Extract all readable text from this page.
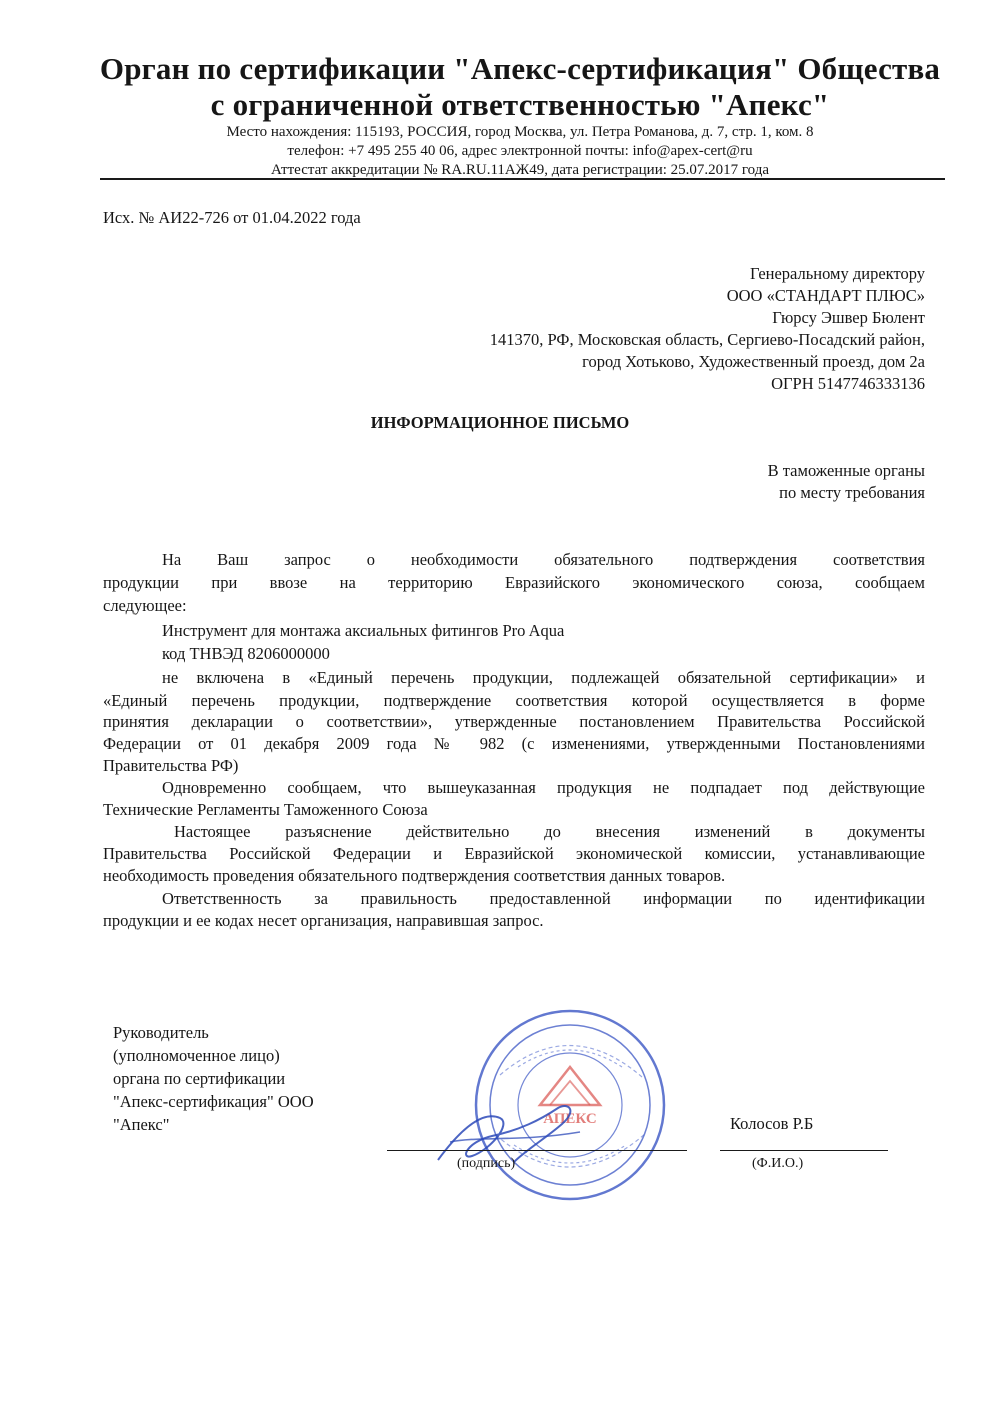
Орган по сертификации "Апекс-сертификация" Общества
с ограниченной ответственностью "Апекс"
Место нахождения: 115193, РОССИЯ, город Москва, ул. Петра Романова, д. 7, стр. 1, ком. 8
телефон: +7 495 255 40 06, адрес электронной почты: info@apex-cert@ru
Аттестат аккредитации № RA.RU.11АЖ49, дата регистрации: 25.07.2017 года
Исх. № АИ22-726 от 01.04.2022 года
Генеральному директору
ООО «СТАНДАРТ ПЛЮС»
Гюрсу Эшвер Бюлент
141370, РФ, Московская область, Сергиево-Посадский район,
город Хотьково, Художественный проезд, дом 2а
ОГРН 5147746333136
ИНФОРМАЦИОННОЕ ПИСЬМО
В таможенные органы
по месту требования
На Ваш запрос о необходимости обязательного подтверждения соответствия
продукции при ввозе на территорию Евразийского экономического союза, сообщаем
следующее:
Инструмент для монтажа аксиальных фитингов Pro Aqua
код ТНВЭД 8206000000
не включена в «Единый перечень продукции, подлежащей обязательной сертификации» и
«Единый перечень продукции, подтверждение соответствия которой осуществляется в форме
принятия декларации о соответствии», утвержденные постановлением Правительства Российской
Федерации от 01 декабря 2009 года № 982 (с изменениями, утвержденными Постановлениями
Правительства РФ)
Одновременно сообщаем, что вышеуказанная продукция не подпадает под действующие
Технические Регламенты Таможенного Союза
Настоящее разъяснение действительно до внесения изменений в документы
Правительства Российской Федерации и Евразийской экономической комиссии, устанавливающие
необходимость проведения обязательного подтверждения соответствия данных товаров.
Ответственность за правильность предоставленной информации по идентификации
продукции и ее кодах несет организация, направившая запрос.
Руководитель
(уполномоченное лицо)
органа по сертификации
"Апекс-сертификация" ООО
"Апекс"	АПЕКС	Колосов Р.Б
(подпись)	(Ф.И.О.)
